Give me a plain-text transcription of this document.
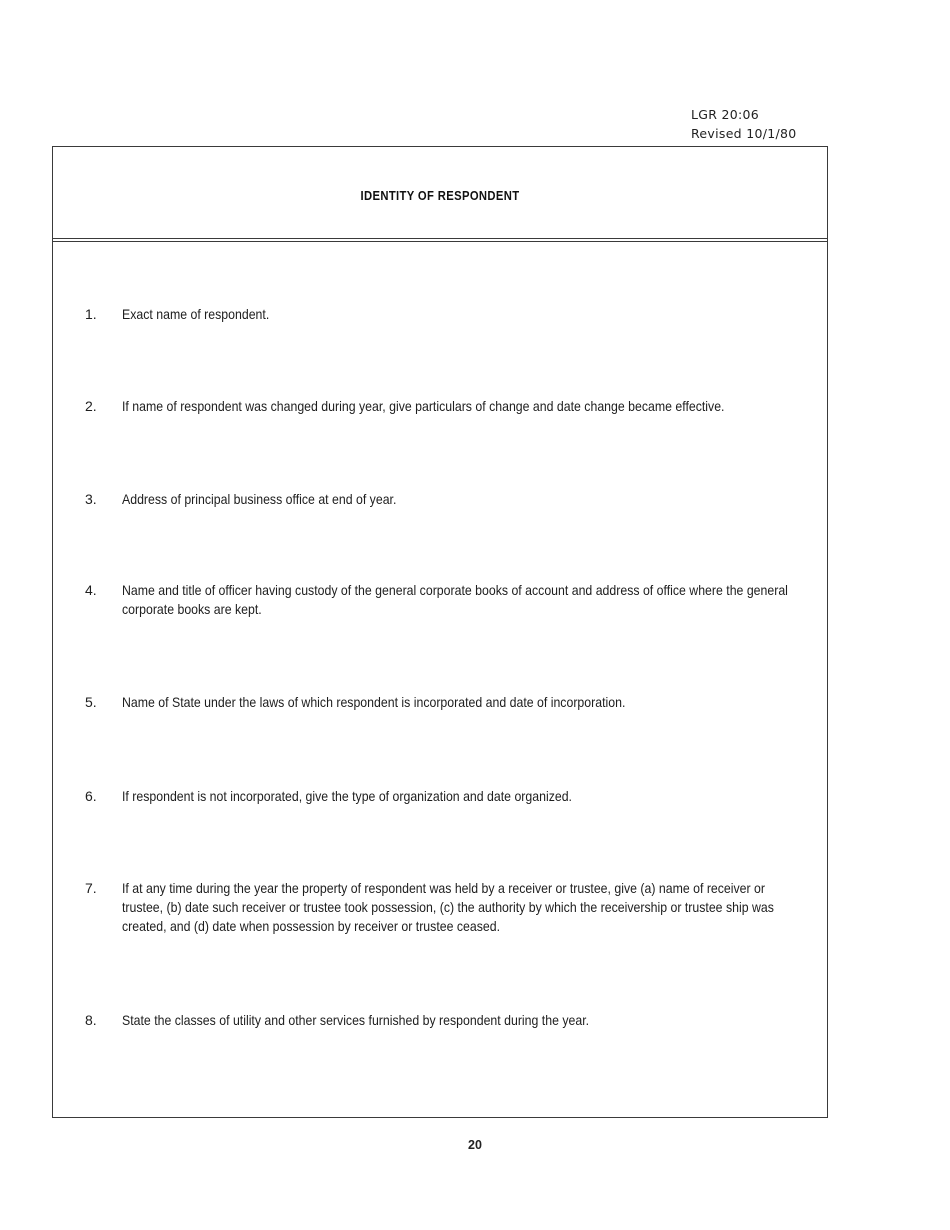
LGR 20:06
Revised 10/1/80
IDENTITY OF RESPONDENT
1.	Exact name of respondent.
2.	If name of respondent was changed during year, give particulars of change and date change became effective.
3.	Address of principal business office at end of year.
4.	Name and title of officer having custody of the general corporate books of account and address of office where the general corporate books are kept.
5.	Name of State under the laws of which respondent is incorporated and date of incorporation.
6.	If respondent is not incorporated, give the type of organization and date organized.
7.	If at any time during the year the property of respondent was held by a receiver or trustee, give (a) name of receiver or trustee, (b) date such receiver or trustee took possession, (c) the authority by which the receivership or trustee ship was created, and (d) date when possession by receiver or trustee ceased.
8.	State the classes of utility and other services furnished by respondent during the year.
20
